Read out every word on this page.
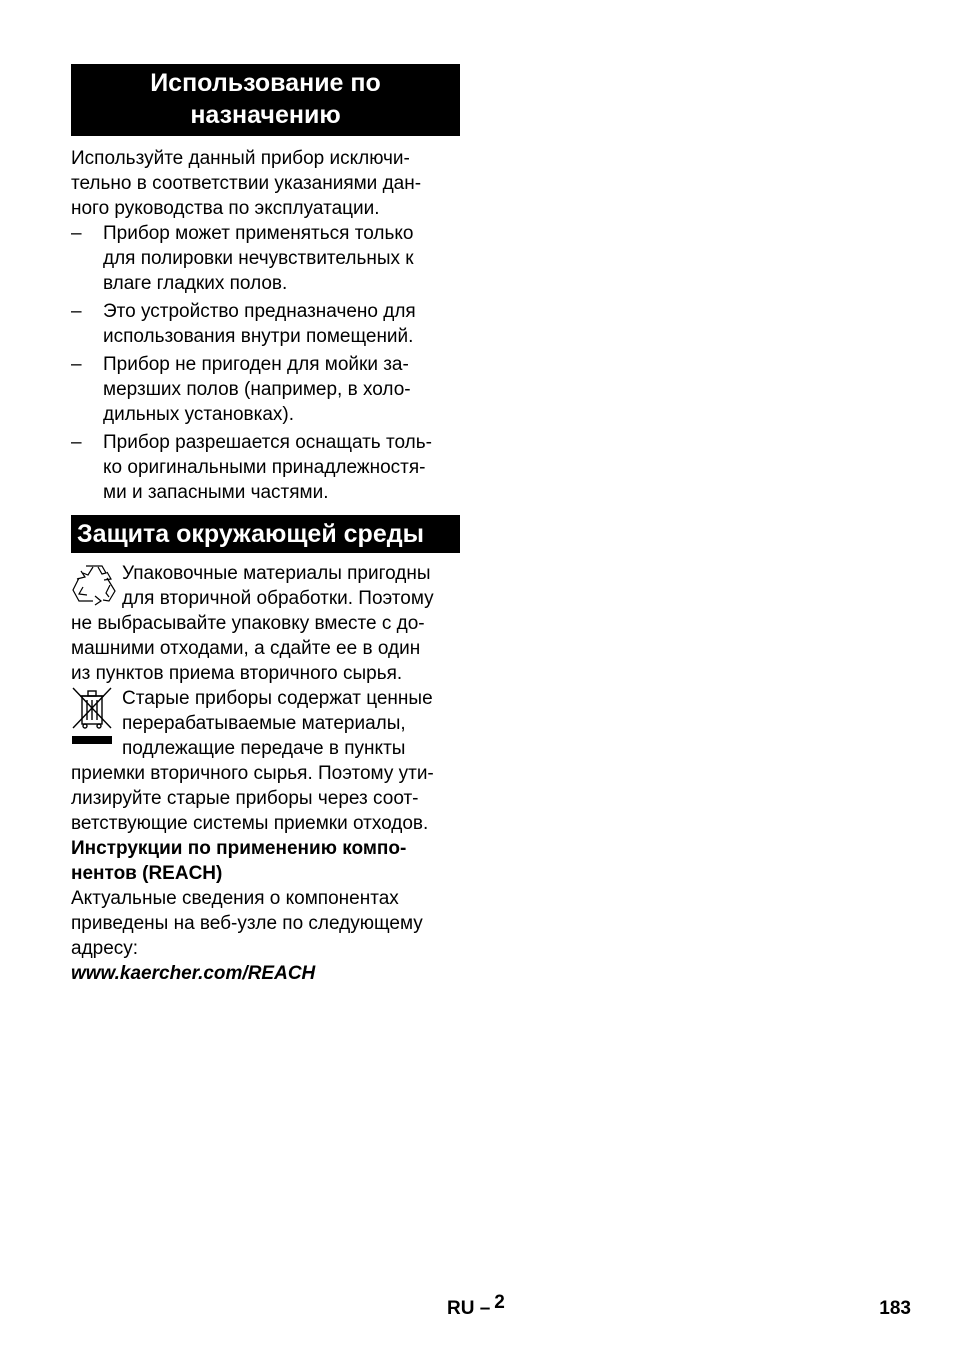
Использование по
назначению
Используйте данный прибор исключи-
тельно в соответствии указаниями дан-
ного руководства по эксплуатации.
– Прибор может применяться только
для полировки нечувствительных к
влаге гладких полов.
– Это устройство предназначено для
использования внутри помещений.
– Прибор не пригоден для мойки за-
мерзших полов (например, в холо-
дильных установках).
– Прибор разрешается оснащать толь-
ко оригинальными принадлежностя-
ми и запасными частями.
Защита окружающей среды
Упаковочные материалы пригодны
для вторичной обработки. Поэтому
не выбрасывайте упаковку вместе с до-
машними отходами, а сдайте ее в один
из пунктов приема вторичного сырья.
Старые приборы содержат ценные
перерабатываемые материалы,
подлежащие передаче в пункты
приемки вторичного сырья. Поэтому ути-
лизируйте старые приборы через соот-
ветствующие системы приемки отходов.
Инструкции по применению компо-
нентов (REACH)
Актуальные сведения о компонентах
приведены на веб-узле по следующему
адресу:
www.kaercher.com/REACH
RU – 2	183
